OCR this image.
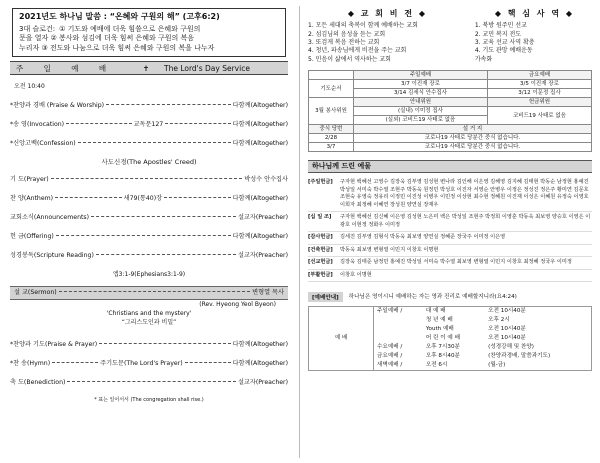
2021년도 하나님 말씀 : “온혜와 구원의 해” (고후6:2)
3대 슬로건: ① 기도와 예배에 더욱 힘씀으로 은혜와 구원의
문을 열자 ② 봉사와 섬김에 더욱 힘써 은혜와 구원의 복음
누리자 ③ 전도와 나눔으로 더욱 힘써 은혜와 구원의 복을 나누자
주 일 예 배	✝	The Lord's Day Service
오전 10:40
*찬양과 경배 (Praise & Worship)	다함께(Altogether)
*송 영(Invocation)	교독문127	다함께(Altogether)
*신앙고백(Confession)	다함께(Altogether)
사도신경(The Apostles' Creed)
기 도(Prayer)	박성수 안수집사
찬 양(Anthem)	새79(통40)장	다함께(Altogether)
교회소식(Announcements)	설교자(Preacher)
헌 금(Offering)	다함께(Altogether)
성경봉독(Scripture Reading)	설교자(Preacher)
엡3:1-9(Ephesians3:1-9)
설 교(Sermon)	변형열 목사
(Rev. Hyeong Yeol Byeon)
'Christians and the mystery'
“그리스도인과 비밀”
*찬양과 기도(Praise & Prayer)	다함께(Altogether)
*찬 송(Hymn)	주기도문(The Lord's Prayer)	다함께(Altogether)
축 도(Benediction)	설교자(Preacher)
* 표는 일어서서 (The congregation shall rise.)
◆ 교 회 비 전 ◆
1. 모든 세대의 축복이 함께 예배하는 교회
2. 섬김님의 음성을 듣는 교회
3. 또검게 복음 전하는 교회
4. 청년, 파송님에게 비전을 주는 교회
5. 민음이 삶에서 역사하는 교회
◆ 핵 심 사 역 ◆
1. 북방 원주민 선교
2. 교민 복지 전도
3. 교육 선교 사역 확충
4. 기도 관망 예배운동
가속화
	주일예배	금요예배
기도순서	3/7 이진재 장로	3/5 이진재 장로
	3/14 김세식 안수집사	3/12 이문정 집사
3월 봉사위원	안내위원	헌금위원
	(실내) 이미정 집사	코비드19 사태로 없음
	(실외) 코비드19 사태로 없음	
중식 당번	설 거 지	
2/28	코로나19 사태로 당분간 중식 없습니다.	
3/7	코로나19 사태로 당분간 중식 없습니다.	
하나님께 드린 예물
[주일헌금]	구자현 백혜선 고영수 김장욱 김부영 김성현 변나라 김인해 이은영 김해영 김지혜 김태현 박동순 남정현 홍예진 박성일 서미숙 박수열 조현주 박동욱 원정민 박성호 이진자 서영순 안병우 이정은 정성진 정은주 황미연 김문호 조현숙 유영숙 정유리 이정민 이진성 이병우 이민정 이상현 최수현 정혜원 이진재 이성은 이혜원 유정숙 이영호 이희자 최정혜 이혜연 장성원 양연실 장재우
[십 일 조]	구자현 백혜선 김신혜 이은영 김성현 노은미 백은 박성일 조현주 박정희 이영훈 박동욱 최보영 양승호 이영은 이광호 이현정 정화우 이미정
[감사헌금]	김세진 김부영 김형식 박동욱 최보영 양연실 정혜준 장국주 이미정 이은영
[건축헌금]	박동욱 최보영 변형열 이민지 이창호 이명현
[선교헌금]	김장욱 김태준 남정민 홍예진 박성일 서미숙 박수열 최보영 변형열 이민지 이창호 최정혜 정국우 이미정
[부활헌금]	이창호 이명현
[예배안내]	하나님은 영이시니 예배하는 자는 영과 진리로 예배할지니라(요4:24)
예 배	주일예배 /	대 예 배	오전 10시40분
		청 년 예 배	오후 2시
		Youth 예배	오전 10시40분
		어 린 이 예 배	오전 10시40분
	수요예배 /	오후 7시30분	(성경강해 및 찬양)
	금요예배 /	오후 8시40분	(찬양과경배, 말씀과기도)
	새벽예배 /	오전 6시	(월-금)
